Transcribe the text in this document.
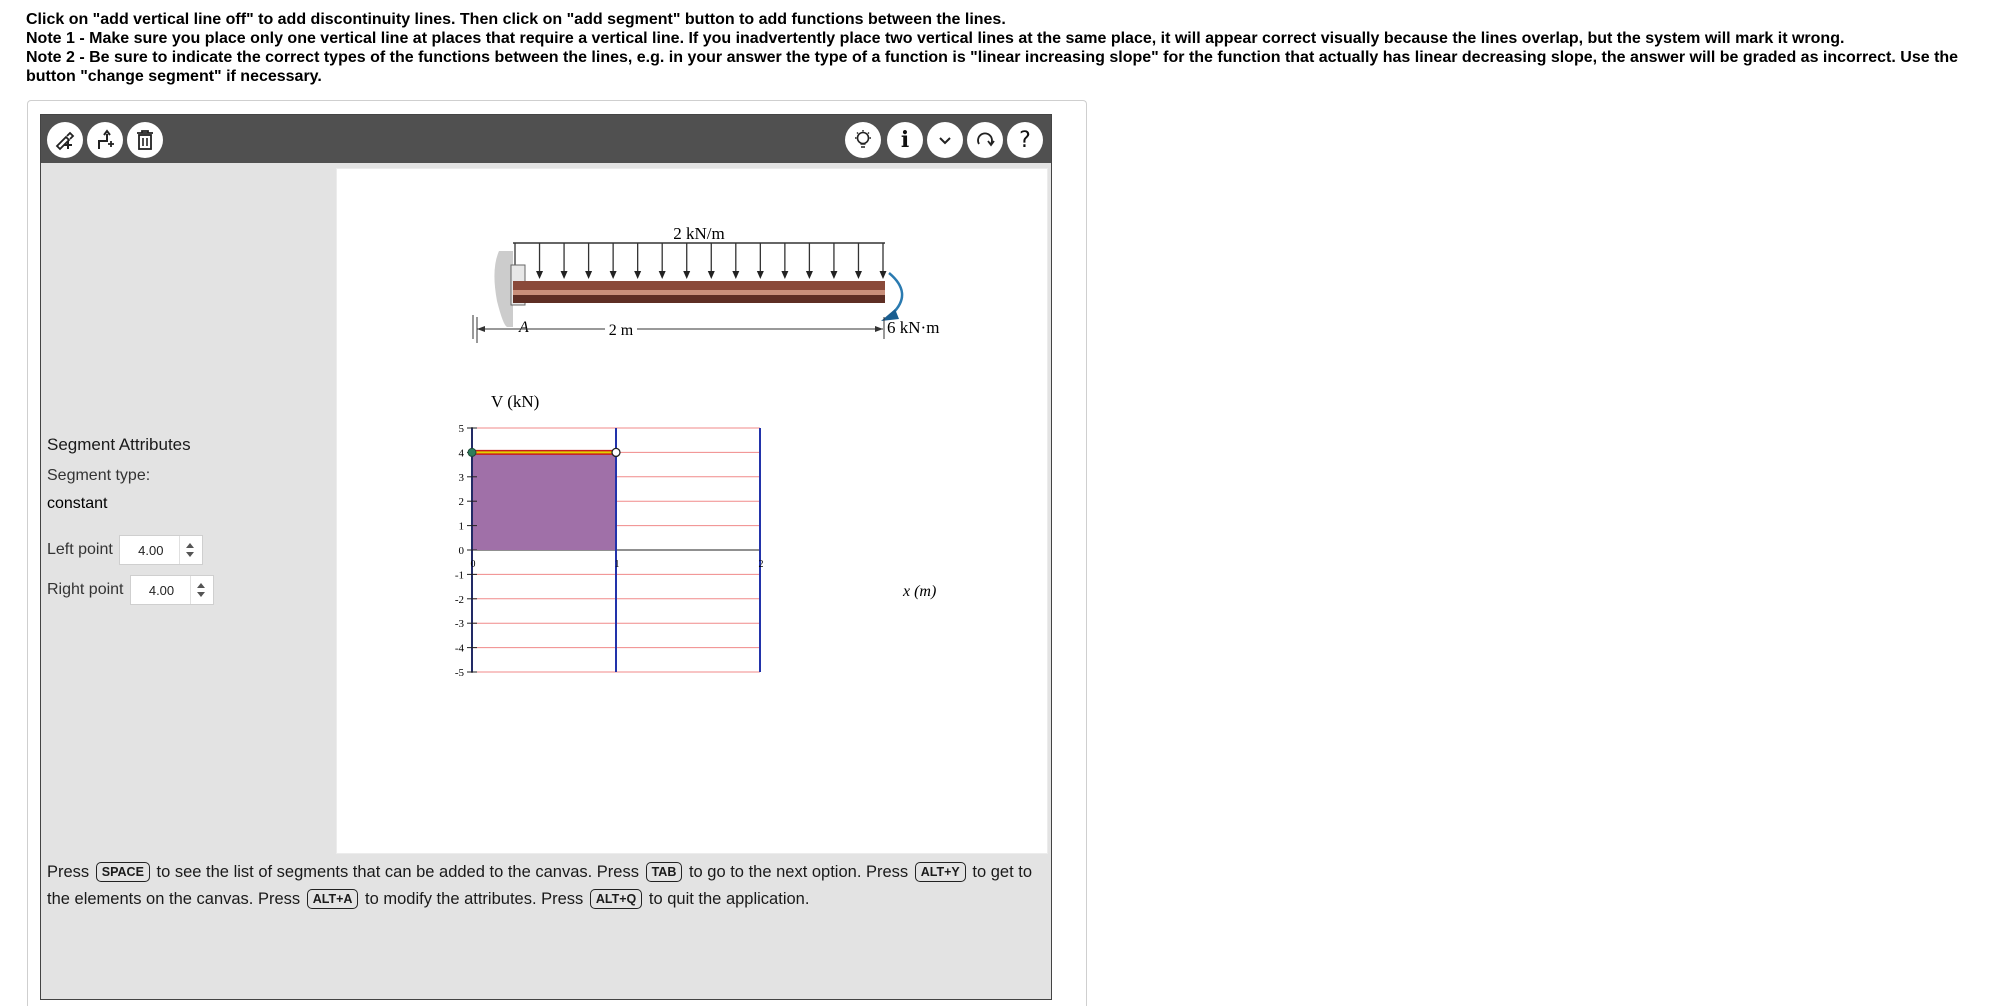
Click on "add vertical line off" to add discontinuity lines. Then click on "add segment" button to add functions between the lines.

Note 1 - Make sure you place only one vertical line at places that require a vertical line. If you inadvertently place two vertical lines at the same place, it will appear correct visually because the lines overlap, but the system will mark it wrong.

Note 2 - Be sure to indicate the correct types of the functions between the lines, e.g. in your answer the type of a function is "linear increasing slope" for the function that actually has linear decreasing slope, the answer will be graded as incorrect. Use the button "change segment" if necessary.

i	?
Segment Attributes
Segment type:
constant
Left point
4.00
Right point
4.00
2 kN/m
A	6 kN·m
2 m
V (kN)
x (m)
5
4
3
2
1
0
-1
-2
-3
-4
-5
0	1	2
Press SPACE to see the list of segments that can be added to the canvas. Press TAB to go to the next option. Press ALT+Y to get to the elements on the canvas. Press ALT+A to modify the attributes. Press ALT+Q to quit the application.
